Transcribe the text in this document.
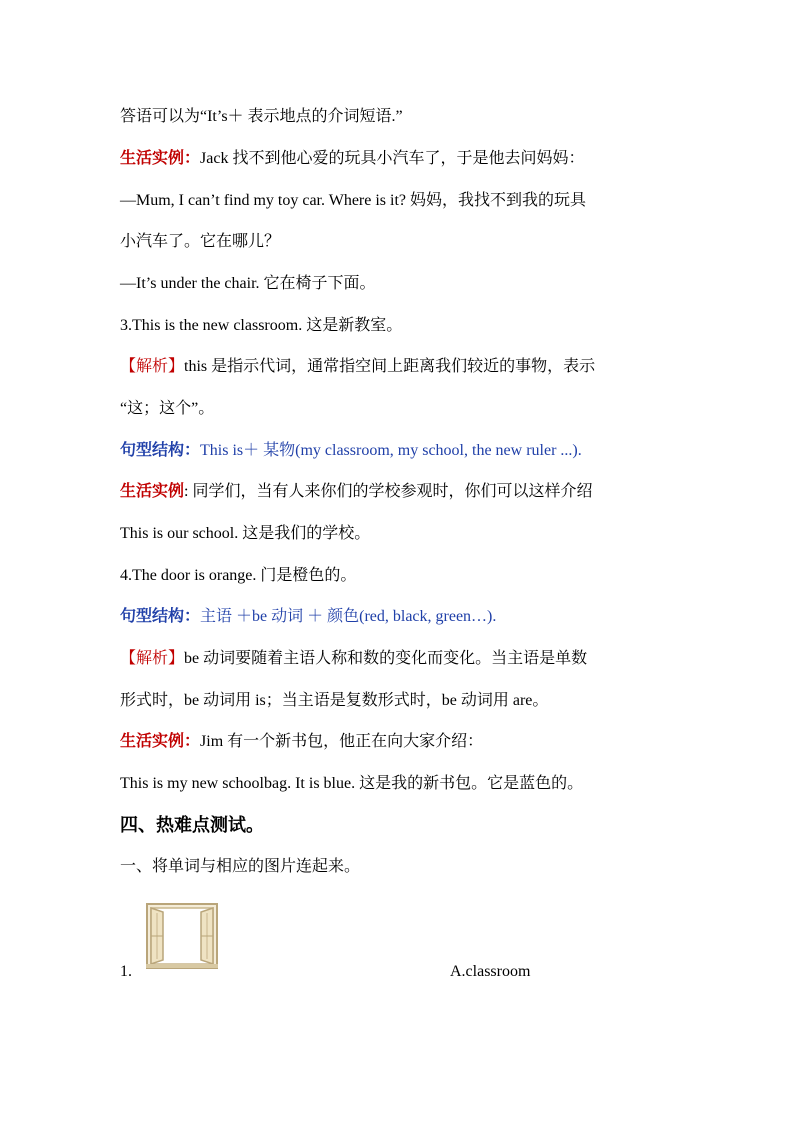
答语可以为“It’s＋ 表示地点的介词短语.”
生活实例：Jack 找不到他心爱的玩具小汽车了，于是他去问妈妈：
—Mum, I can’t find my toy car. Where is it? 妈妈，我找不到我的玩具
小汽车了。它在哪儿？
—It’s under the chair. 它在椅子下面。
3.This is the new classroom. 这是新教室。
【解析】this 是指示代词，通常指空间上距离我们较近的事物，表示
“这；这个”。
句型结构：This is＋ 某物(my classroom, my school, the new ruler ...).
生活实例: 同学们，当有人来你们的学校参观时，你们可以这样介绍
This is our school. 这是我们的学校。
4.The door is orange. 门是橙色的。
句型结构：主语 ＋be 动词 ＋ 颜色(red, black, green…).
【解析】be 动词要随着主语人称和数的变化而变化。当主语是单数
形式时，be 动词用 is；当主语是复数形式时，be 动词用 are。
生活实例：Jim 有一个新书包，他正在向大家介绍：
This is my new schoolbag. It is blue. 这是我的新书包。它是蓝色的。
四、热难点测试。
一、将单词与相应的图片连起来。
1.	A.classroom
